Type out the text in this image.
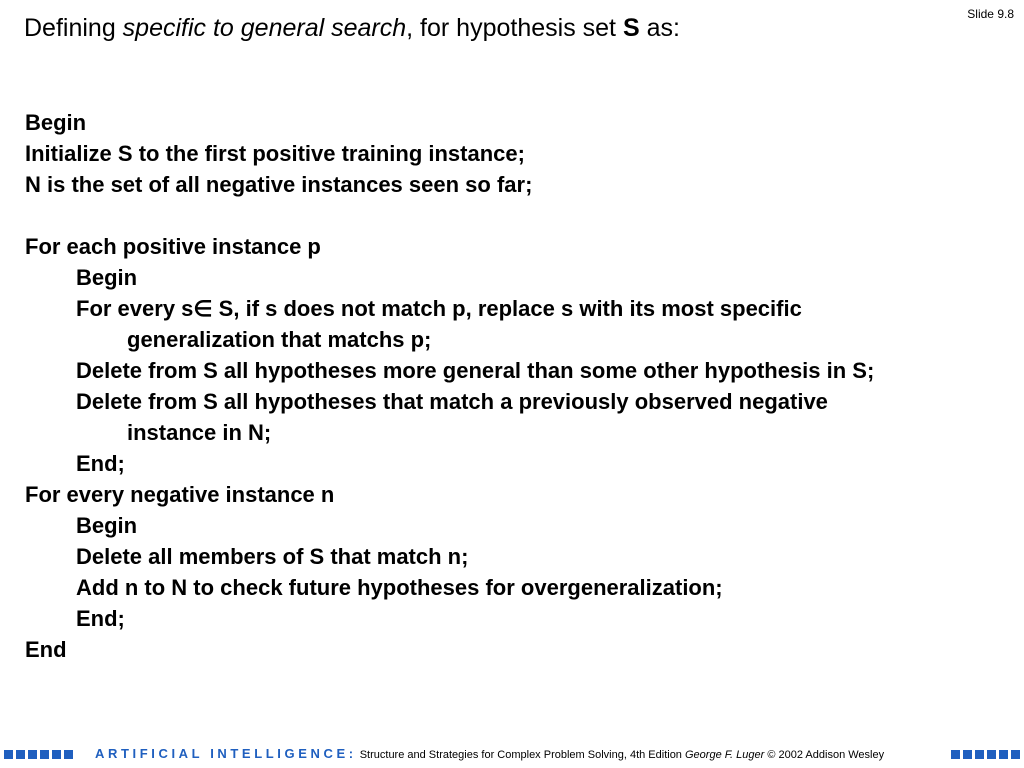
Slide 9.8
Defining specific to general search, for hypothesis set S as:
Begin
Initialize S to the first positive training instance;
N is the set of all negative instances seen so far;
For each positive instance p
Begin
For every s∈ S, if s does not match p, replace s with its most specific
generalization that matchs p;
Delete from S all hypotheses more general than some other hypothesis in S;
Delete from S all hypotheses that match a previously observed negative
instance in N;
End;
For every negative instance n
Begin
Delete all members of S that match n;
Add n to N to check future hypotheses for overgeneralization;
End;
End
ARTIFICIAL INTELLIGENCE: Structure and Strategies for Complex Problem Solving, 4th Edition George F. Luger © 2002 Addison Wesley
